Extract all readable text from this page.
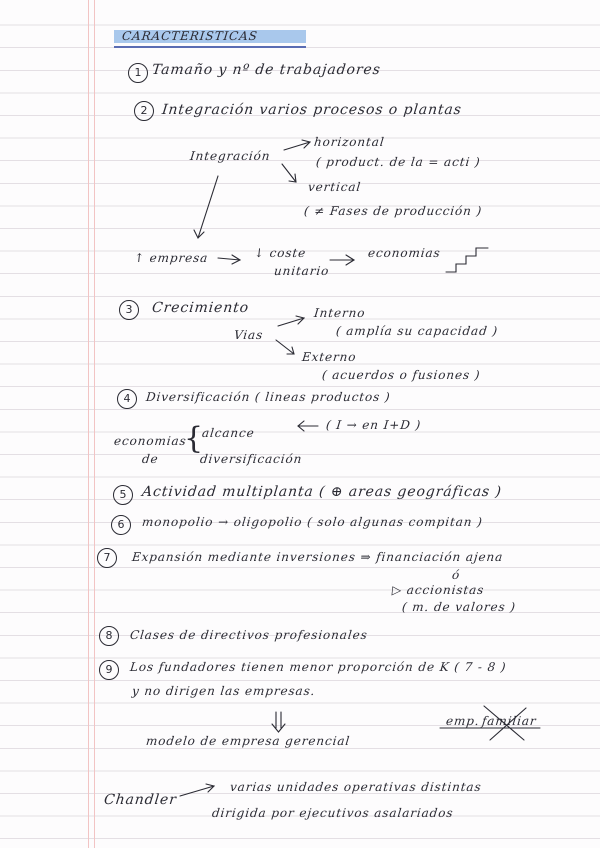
CARACTERISTICAS
1 Tamaño y nº de trabajadores
2 Integración varios procesos o plantas
Integración
horizontal
( product. de la = acti )
vertical
( ≠ Fases de producción )
↑ empresa	↓ coste
unitario
economias
3	Crecimiento
Vias
Interno
( amplía su capacidad )
Externo
( acuerdos o fusiones )
4	Diversificación ( lineas productos )
economias
de
{
alcance
diversificación
( I → en I+D )
5	Actividad multiplanta ( ⊕ areas geográficas )
6	monopolio → oligopolio ( solo algunas compitan )
7	Expansión mediante inversiones ⇒ financiación ajena
ó
▷ accionistas
( m. de valores )
8	Clases de directivos profesionales
9	Los fundadores tienen menor proporción de K ( 7 - 8 )
y no dirigen las empresas.
modelo de empresa gerencial
emp. familiar
Chandler
varias unidades operativas distintas
dirigida por ejecutivos asalariados
